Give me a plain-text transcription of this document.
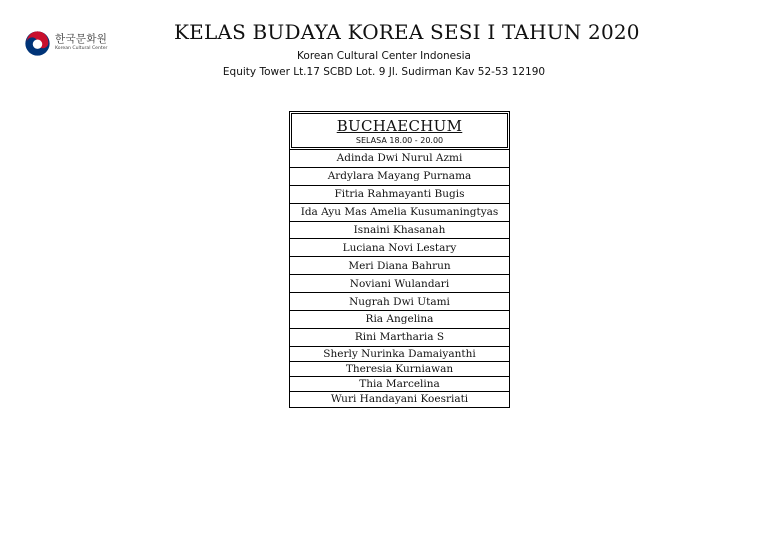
한국문화원
Korean Cultural Center
KELAS BUDAYA KOREA SESI I TAHUN 2020
Korean Cultural Center Indonesia
Equity Tower Lt.17 SCBD Lot. 9 Jl. Sudirman Kav 52-53 12190
BUCHAECHUM
SELASA 18.00 - 20.00
Adinda Dwi Nurul Azmi
Ardylara Mayang Purnama
Fitria Rahmayanti Bugis
Ida Ayu Mas Amelia Kusumaningtyas
Isnaini Khasanah
Luciana Novi Lestary
Meri Diana Bahrun
Noviani Wulandari
Nugrah Dwi Utami
Ria Angelina
Rini Martharia S
Sherly Nurinka Damaiyanthi
Theresia Kurniawan
Thia Marcelina
Wuri Handayani Koesriati
